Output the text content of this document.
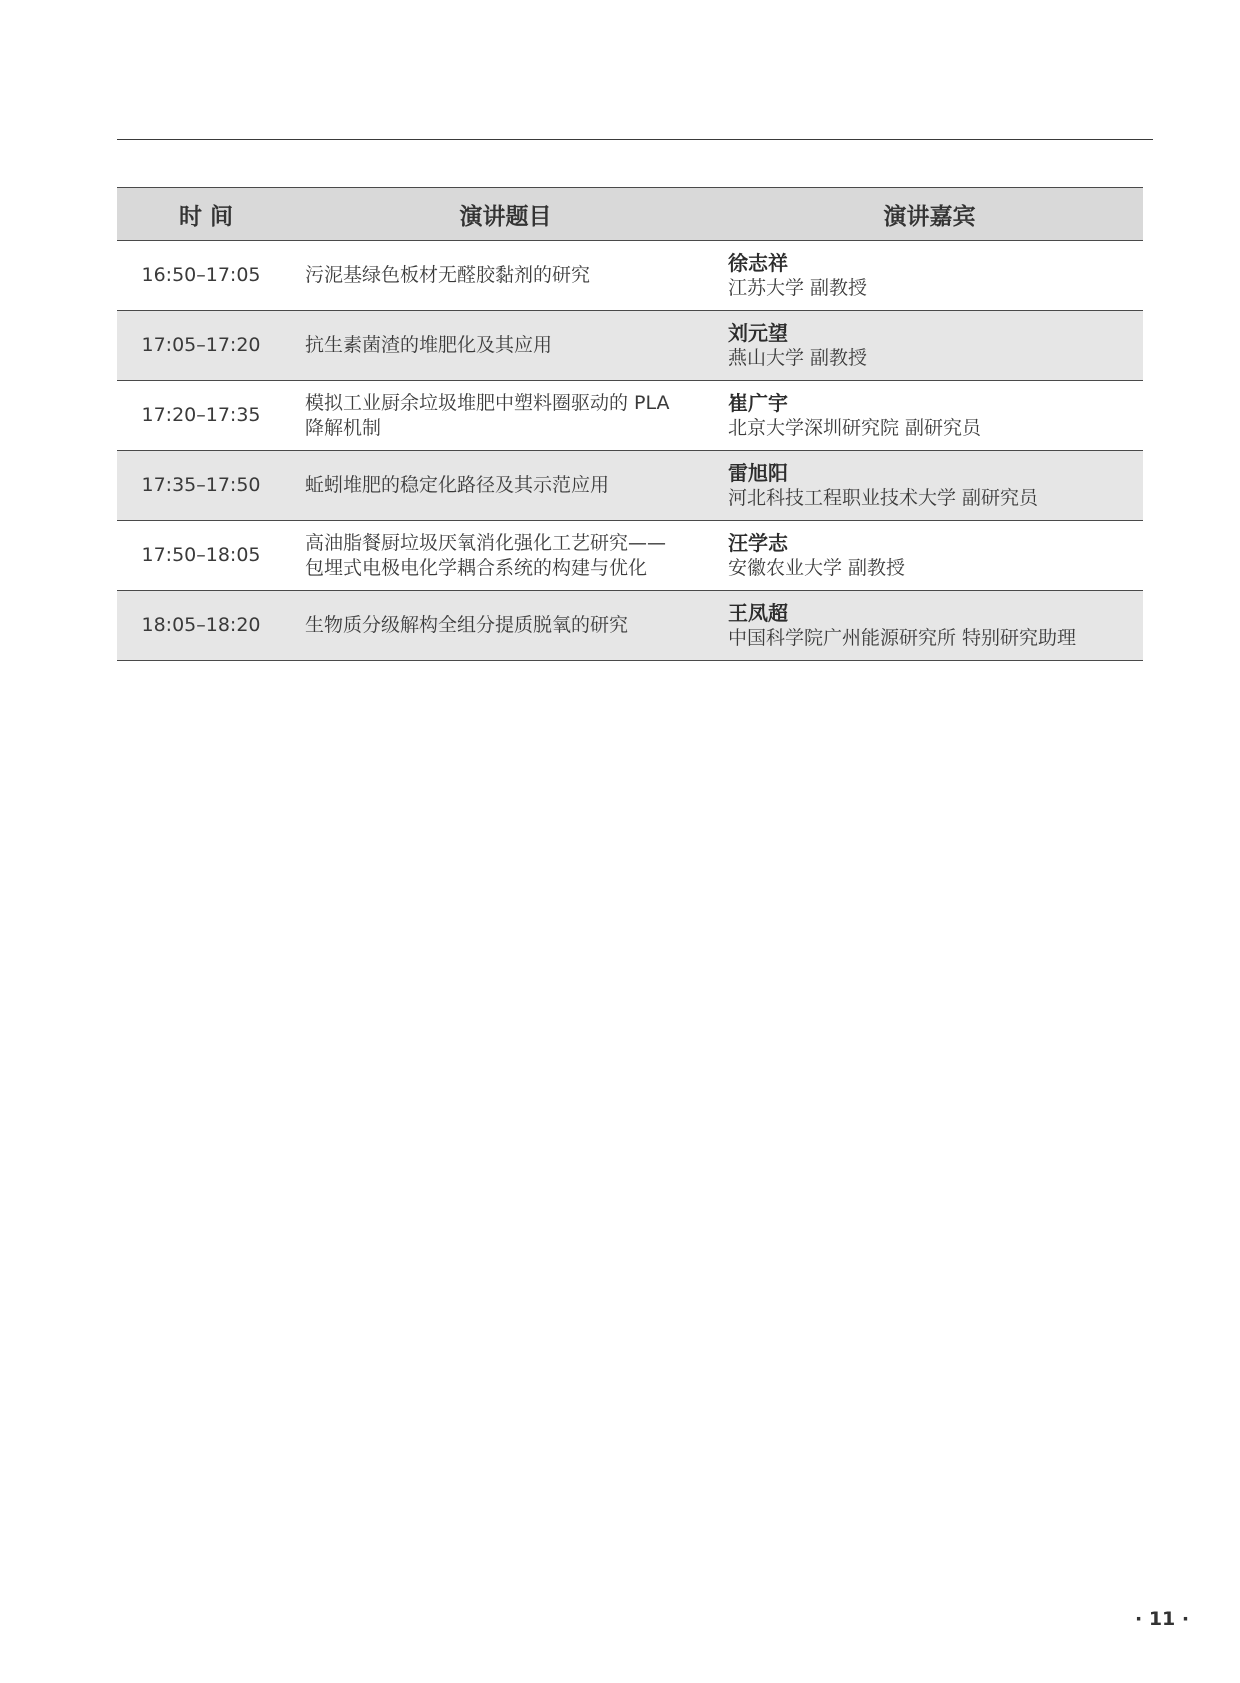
时 间	演讲题目	演讲嘉宾
16:50–17:05	污泥基绿色板材无醛胶黏剂的研究	徐志祥
江苏大学 副教授

17:05–17:20	抗生素菌渣的堆肥化及其应用	刘元望
燕山大学 副教授

17:20–17:35	模拟工业厨余垃圾堆肥中塑料圈驱动的 PLA
降解机制	崔广宇
北京大学深圳研究院 副研究员

17:35–17:50	蚯蚓堆肥的稳定化路径及其示范应用	雷旭阳
河北科技工程职业技术大学 副研究员

17:50–18:05	高油脂餐厨垃圾厌氧消化强化工艺研究——
包埋式电极电化学耦合系统的构建与优化	汪学志
安徽农业大学 副教授

18:05–18:20	生物质分级解构全组分提质脱氧的研究	王凤超
中国科学院广州能源研究所 特别研究助理
· 11 ·
